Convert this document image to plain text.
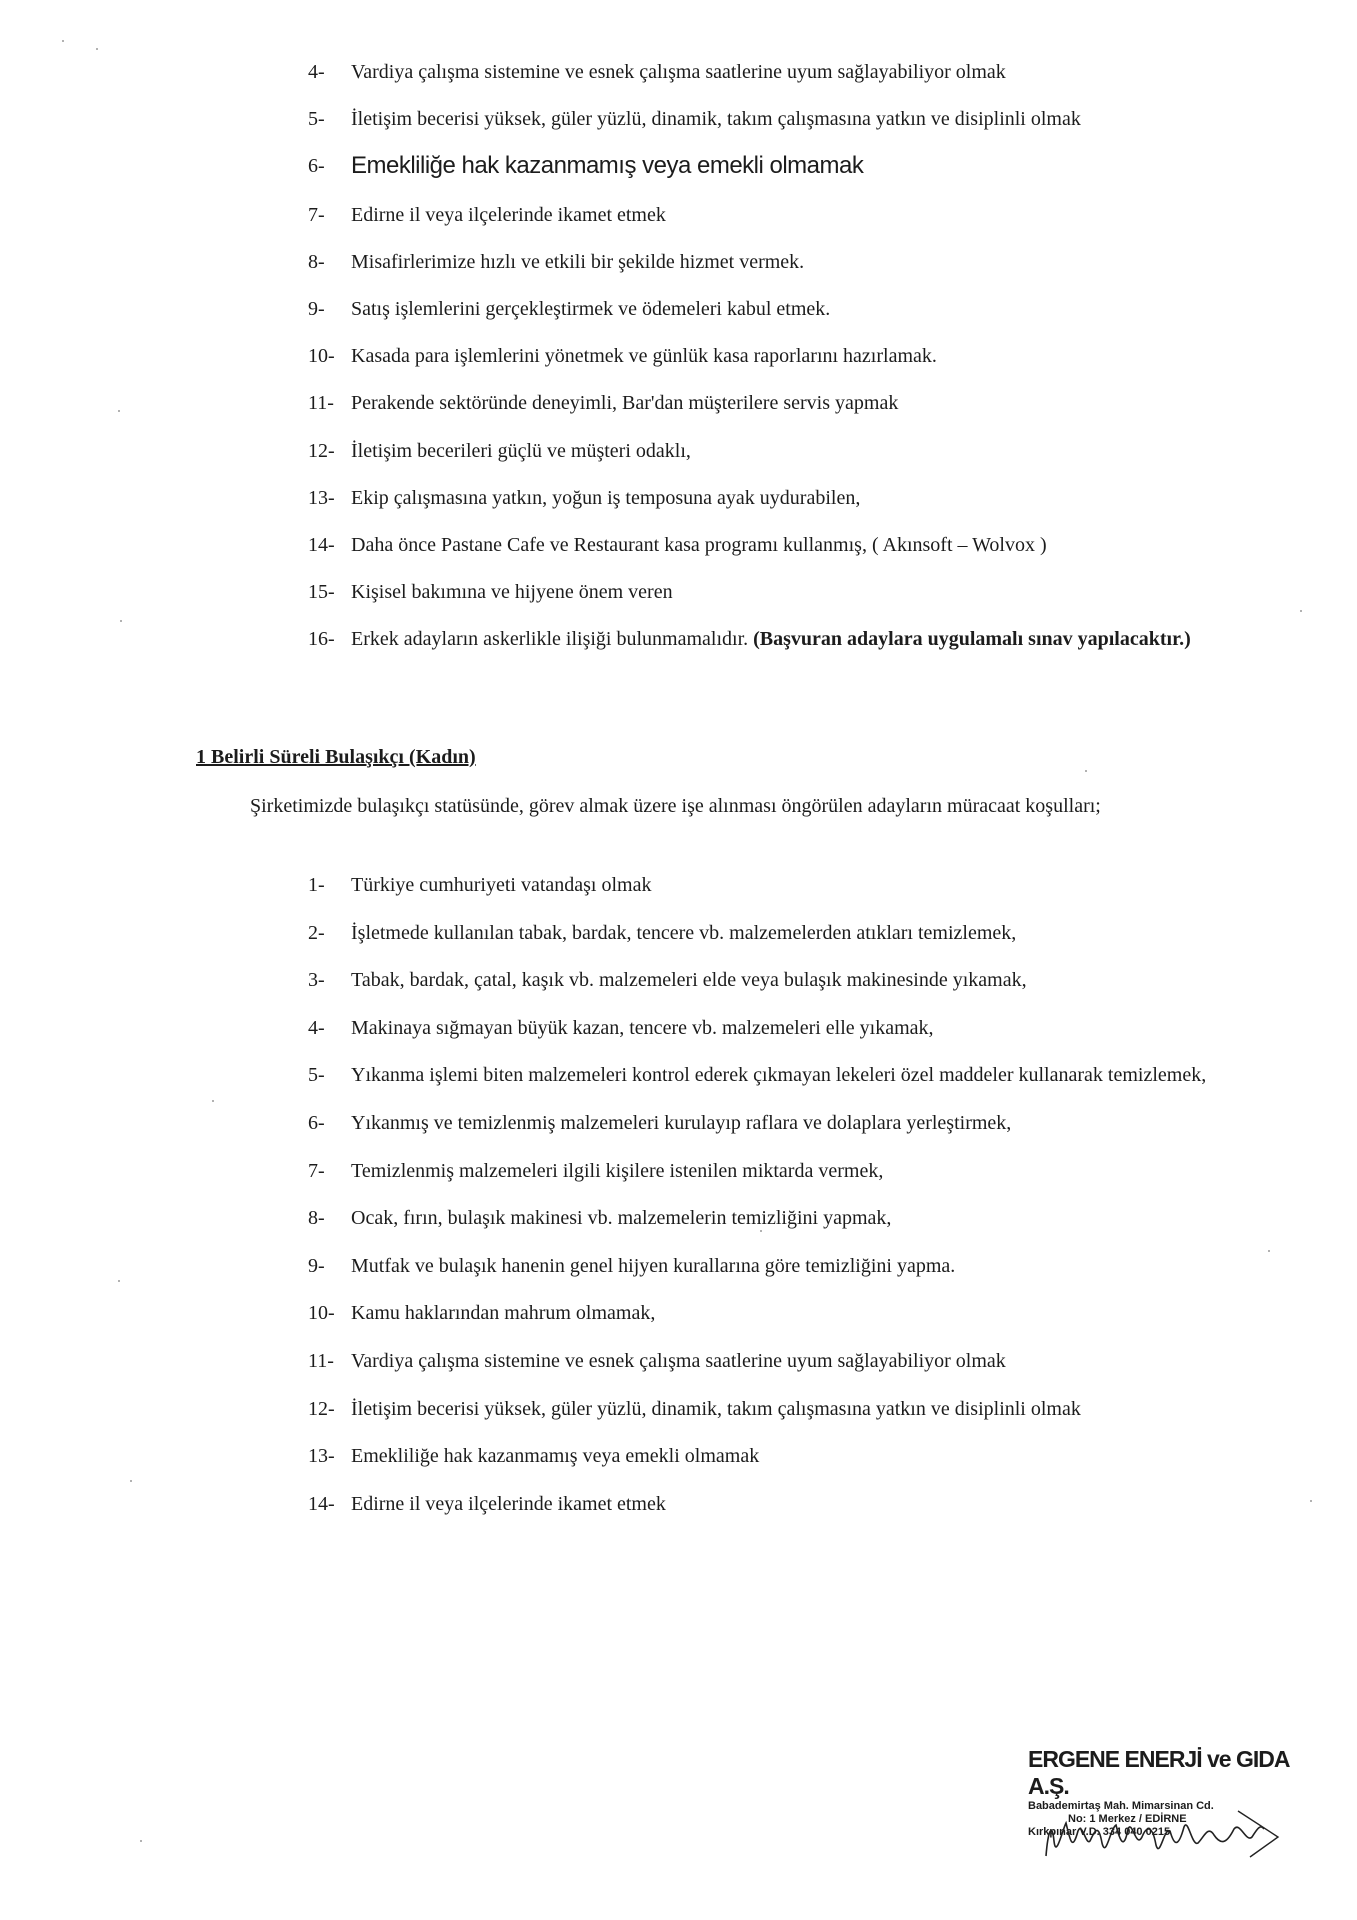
4-	Vardiya çalışma sistemine ve esnek çalışma saatlerine uyum sağlayabiliyor olmak
5-	İletişim becerisi yüksek, güler yüzlü, dinamik, takım çalışmasına yatkın ve disiplinli olmak
6-	Emekliliğe hak kazanmamış veya emekli olmamak
7-	Edirne il veya ilçelerinde ikamet etmek
8-	Misafirlerimize hızlı ve etkili bir şekilde hizmet vermek.
9-	Satış işlemlerini gerçekleştirmek ve ödemeleri kabul etmek.
10- Kasada para işlemlerini yönetmek ve günlük kasa raporlarını hazırlamak.
11- Perakende sektöründe deneyimli, Bar'dan müşterilere servis yapmak
12- İletişim becerileri güçlü ve müşteri odaklı,
13- Ekip çalışmasına yatkın, yoğun iş temposuna ayak uydurabilen,
14- Daha önce Pastane Cafe ve Restaurant kasa programı kullanmış, ( Akınsoft – Wolvox )
15- Kişisel bakımına ve hijyene önem veren
16- Erkek adayların askerlikle ilişiği bulunmamalıdır. (Başvuran adaylara uygulamalı sınav yapılacaktır.)
1 Belirli Süreli Bulaşıkçı (Kadın)
Şirketimizde bulaşıkçı statüsünde, görev almak üzere işe alınması öngörülen adayların müracaat koşulları;
1-	Türkiye cumhuriyeti vatandaşı olmak
2-	İşletmede kullanılan tabak, bardak, tencere vb. malzemelerden atıkları temizlemek,
3-	Tabak, bardak, çatal, kaşık vb. malzemeleri elde veya bulaşık makinesinde yıkamak,
4-	Makinaya sığmayan büyük kazan, tencere vb. malzemeleri elle yıkamak,
5-	Yıkanma işlemi biten malzemeleri kontrol ederek çıkmayan lekeleri özel maddeler kullanarak temizlemek,
6-	Yıkanmış ve temizlenmiş malzemeleri kurulayıp raflara ve dolaplara yerleştirmek,
7-	Temizlenmiş malzemeleri ilgili kişilere istenilen miktarda vermek,
8-	Ocak, fırın, bulaşık makinesi vb. malzemelerin temizliğini yapmak,
9-	Mutfak ve bulaşık hanenin genel hijyen kurallarına göre temizliğini yapma.
10- Kamu haklarından mahrum olmamak,
11- Vardiya çalışma sistemine ve esnek çalışma saatlerine uyum sağlayabiliyor olmak
12- İletişim becerisi yüksek, güler yüzlü, dinamik, takım çalışmasına yatkın ve disiplinli olmak
13- Emekliliğe hak kazanmamış veya emekli olmamak
14- Edirne il veya ilçelerinde ikamet etmek
ERGENE ENERJİ ve GIDA A.Ş.
Babademirtaş Mah. Mimarsinan Cd.
No: 1 Merkez / EDİRNE
Kırkpınar V.D. 334 040 0215
